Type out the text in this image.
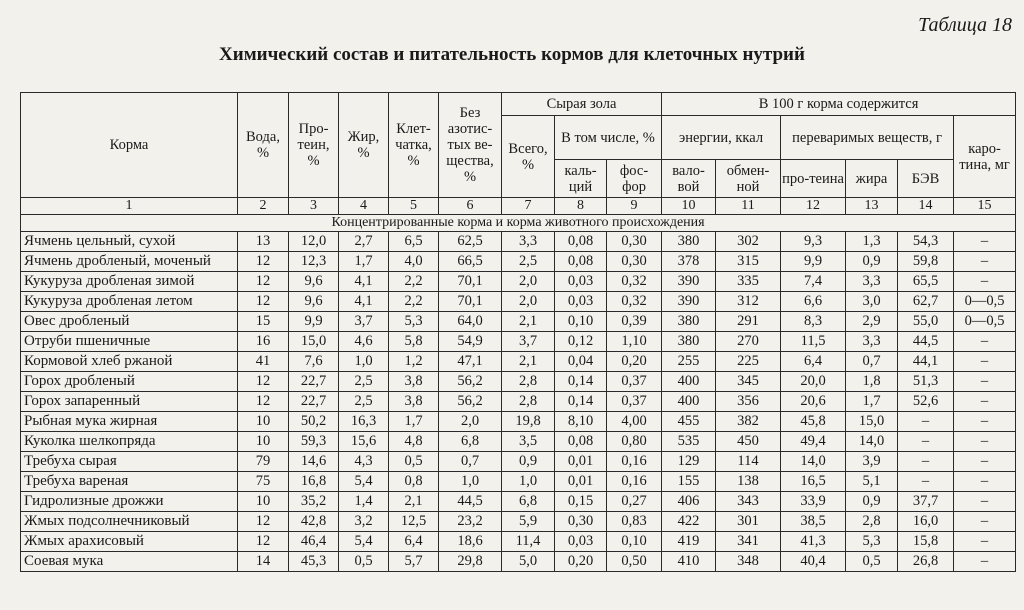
Таблица 18
Химический состав и питательность кормов для клеточных нутрий
Корма	Вода, %	Про-теин, %	Жир, %	Клет-чатка, %	Без азотис-тых ве-щества, %	Сырая зола			В 100 г корма содержится					
						Всего, %	В том числе, %		энергии, ккал		переваримых веществ, г			каро-тина, мг
							каль-ций	фос-фор	вало-вой	обмен-ной	про-теина	жира	БЭВ	
1	2	3	4	5	6	7	8	9	10	11	12	13	14	15
Концентрированные корма и корма животного происхождения														
Ячмень цельный, сухой	13	12,0	2,7	6,5	62,5	3,3	0,08	0,30	380	302	9,3	1,3	54,3	–
Ячмень дробленый, моченый	12	12,3	1,7	4,0	66,5	2,5	0,08	0,30	378	315	9,9	0,9	59,8	–
Кукуруза дробленая зимой	12	9,6	4,1	2,2	70,1	2,0	0,03	0,32	390	335	7,4	3,3	65,5	–
Кукуруза дробленая летом	12	9,6	4,1	2,2	70,1	2,0	0,03	0,32	390	312	6,6	3,0	62,7	0—0,5
Овес дробленый	15	9,9	3,7	5,3	64,0	2,1	0,10	0,39	380	291	8,3	2,9	55,0	0—0,5
Отруби пшеничные	16	15,0	4,6	5,8	54,9	3,7	0,12	1,10	380	270	11,5	3,3	44,5	–
Кормовой хлеб ржаной	41	7,6	1,0	1,2	47,1	2,1	0,04	0,20	255	225	6,4	0,7	44,1	–
Горох дробленый	12	22,7	2,5	3,8	56,2	2,8	0,14	0,37	400	345	20,0	1,8	51,3	–
Горох запаренный	12	22,7	2,5	3,8	56,2	2,8	0,14	0,37	400	356	20,6	1,7	52,6	–
Рыбная мука жирная	10	50,2	16,3	1,7	2,0	19,8	8,10	4,00	455	382	45,8	15,0	–	–
Куколка шелкопряда	10	59,3	15,6	4,8	6,8	3,5	0,08	0,80	535	450	49,4	14,0	–	–
Требуха сырая	79	14,6	4,3	0,5	0,7	0,9	0,01	0,16	129	114	14,0	3,9	–	–
Требуха вареная	75	16,8	5,4	0,8	1,0	1,0	0,01	0,16	155	138	16,5	5,1	–	–
Гидролизные дрожжи	10	35,2	1,4	2,1	44,5	6,8	0,15	0,27	406	343	33,9	0,9	37,7	–
Жмых подсолнечниковый	12	42,8	3,2	12,5	23,2	5,9	0,30	0,83	422	301	38,5	2,8	16,0	–
Жмых арахисовый	12	46,4	5,4	6,4	18,6	11,4	0,03	0,10	419	341	41,3	5,3	15,8	–
Соевая мука	14	45,3	0,5	5,7	29,8	5,0	0,20	0,50	410	348	40,4	0,5	26,8	–
